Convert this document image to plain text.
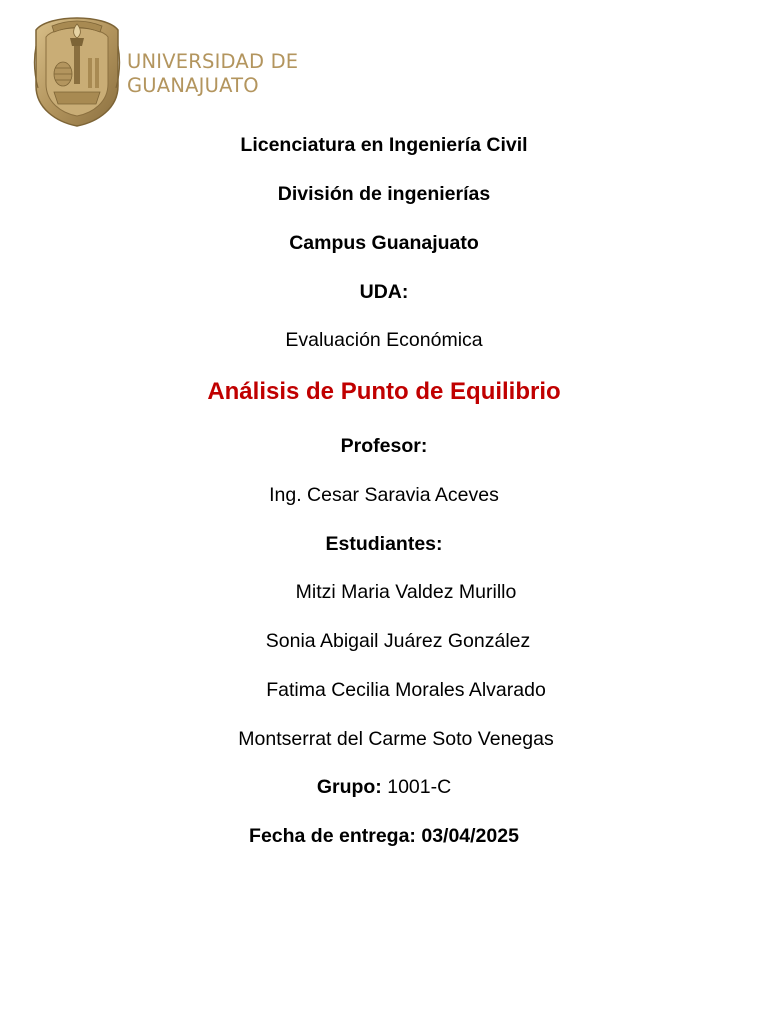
UNIVERSIDAD DE
GUANAJUATO
Licenciatura en Ingeniería Civil
División de ingenierías
Campus Guanajuato
UDA:
Evaluación Económica
Análisis de Punto de Equilibrio
Profesor:
Ing. Cesar Saravia Aceves
Estudiantes:
Mitzi Maria Valdez Murillo
Sonia Abigail Juárez González
Fatima Cecilia Morales Alvarado
Montserrat del Carme Soto Venegas
Grupo: 1001-C
Fecha de entrega: 03/04/2025
